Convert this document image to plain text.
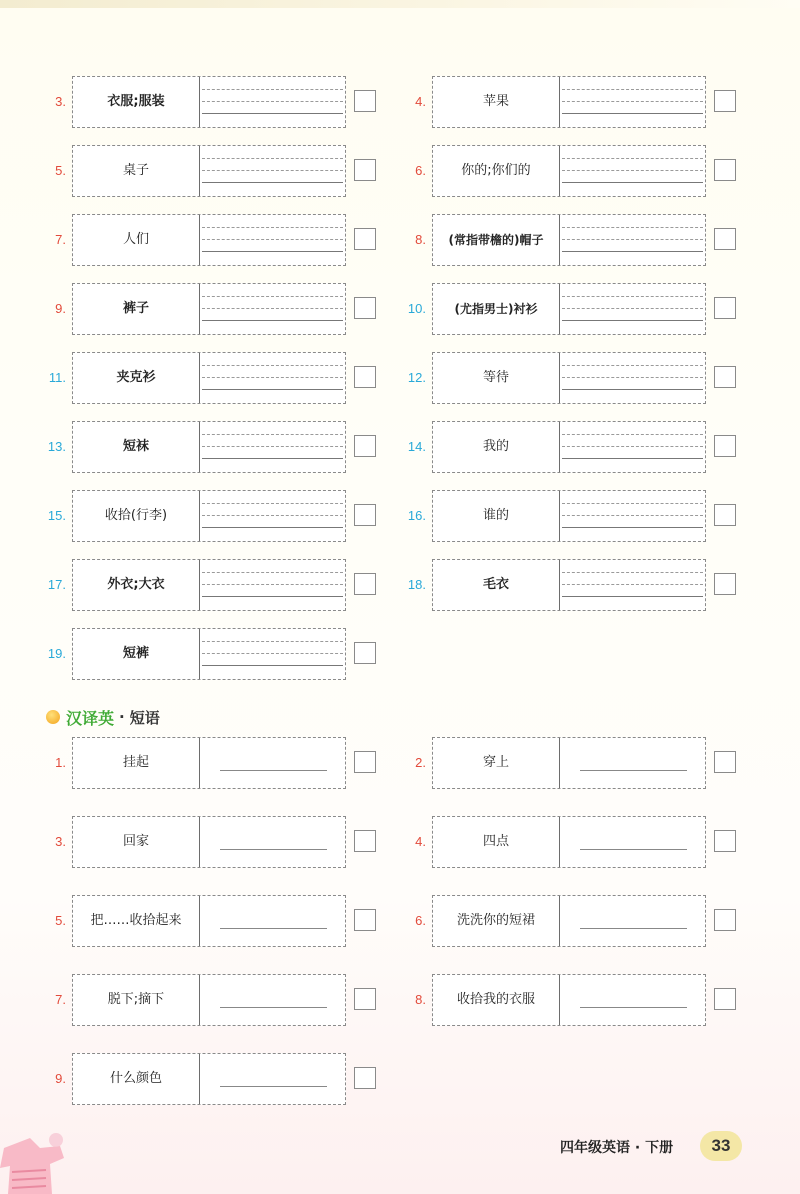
3.	衣服;服装	4.	苹果
5.	桌子	6.	你的;你们的
7.	人们	8.	(常指带檐的)帽子
9.	裤子	10.	(尤指男士)衬衫
11.	夹克衫	12.	等待
13.	短袜	14.	我的
15.	收拾(行李)	16.	谁的
17.	外衣;大衣	18.	毛衣
19.	短裤
1.	挂起	2.	穿上
3.	回家	4.	四点
5.	把……收拾起来	6.	洗洗你的短裙
7.	脱下;摘下	8.	收拾我的衣服
9.	什么颜色
汉译英 · 短语
四年级英语 · 下册	33
